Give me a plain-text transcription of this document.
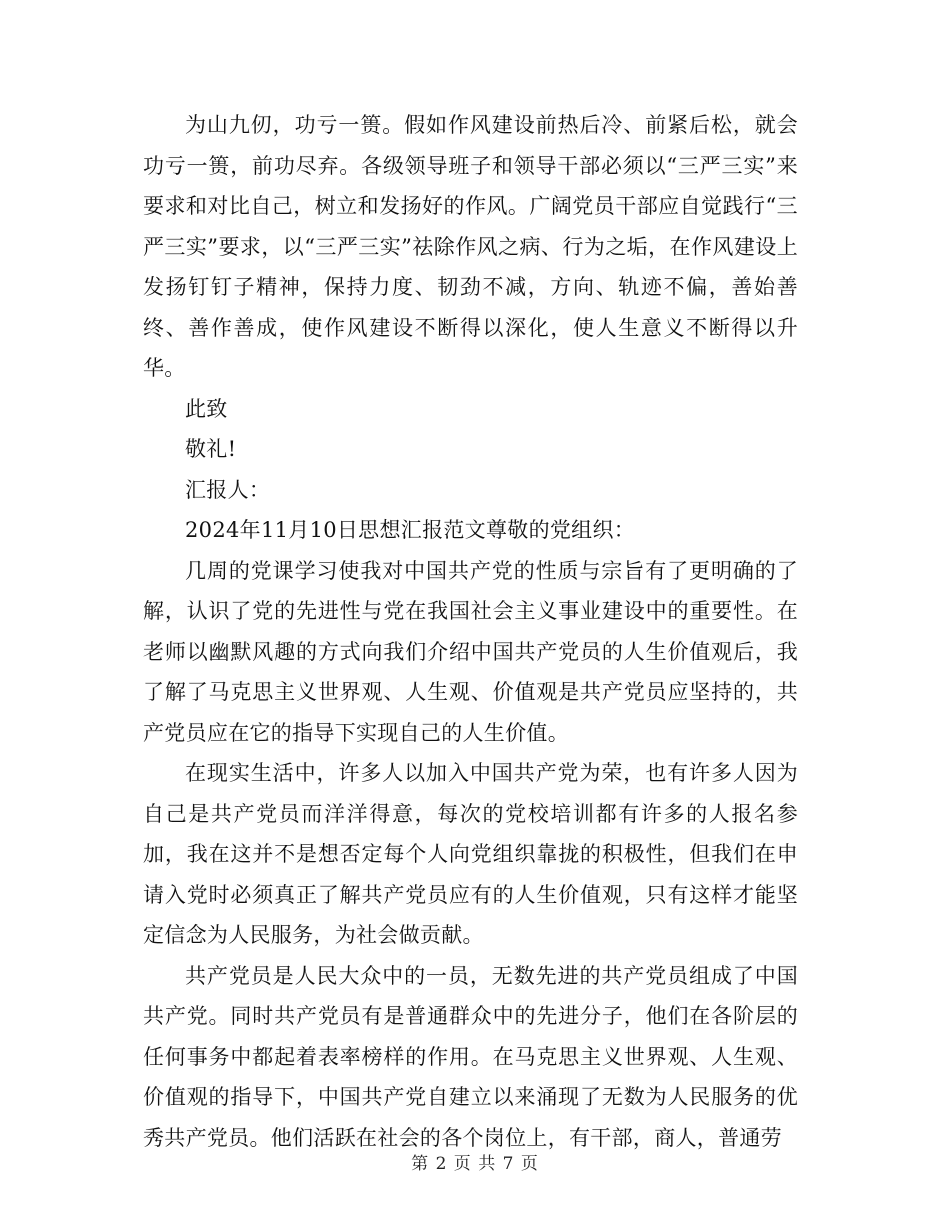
为山九仞，功亏一篑。假如作风建设前热后冷、前紧后松，就会功亏一篑，前功尽弃。各级领导班子和领导干部必须以“三严三实”来要求和对比自己，树立和发扬好的作风。广阔党员干部应自觉践行“三严三实”要求，以“三严三实”祛除作风之病、行为之垢，在作风建设上发扬钉钉子精神，保持力度、韧劲不减，方向、轨迹不偏，善始善终、善作善成，使作风建设不断得以深化，使人生意义不断得以升华。

此致

敬礼!

汇报人：

2024年11月10日思想汇报范文尊敬的党组织：

几周的党课学习使我对中国共产党的性质与宗旨有了更明确的了解，认识了党的先进性与党在我国社会主义事业建设中的重要性。在老师以幽默风趣的方式向我们介绍中国共产党员的人生价值观后，我了解了马克思主义世界观、人生观、价值观是共产党员应坚持的，共产党员应在它的指导下实现自己的人生价值。

在现实生活中，许多人以加入中国共产党为荣，也有许多人因为自己是共产党员而洋洋得意，每次的党校培训都有许多的人报名参加，我在这并不是想否定每个人向党组织靠拢的积极性，但我们在申请入党时必须真正了解共产党员应有的人生价值观，只有这样才能坚定信念为人民服务，为社会做贡献。

共产党员是人民大众中的一员，无数先进的共产党员组成了中国共产党。同时共产党员有是普通群众中的先进分子，他们在各阶层的任何事务中都起着表率榜样的作用。在马克思主义世界观、人生观、价值观的指导下，中国共产党自建立以来涌现了无数为人民服务的优秀共产党员。他们活跃在社会的各个岗位上，有干部，商人，普通劳

第 2 页 共 7 页
